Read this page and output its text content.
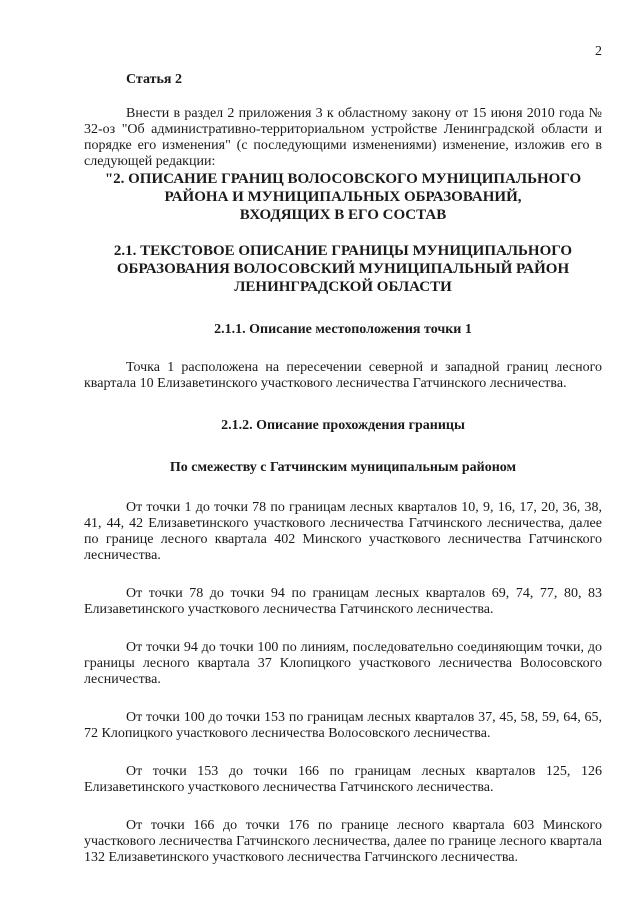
2
Статья 2

Внести в раздел 2 приложения 3 к областному закону от 15 июня 2010 года № 32-оз "Об административно-территориальном устройстве Ленинградской области и порядке его изменения" (с последующими изменениями) изменение, изложив его в следующей редакции:

"2. ОПИСАНИЕ ГРАНИЦ ВОЛОСОВСКОГО МУНИЦИПАЛЬНОГО
РАЙОНА И МУНИЦИПАЛЬНЫХ ОБРАЗОВАНИЙ,
ВХОДЯЩИХ В ЕГО СОСТАВ
2.1. ТЕКСТОВОЕ ОПИСАНИЕ ГРАНИЦЫ МУНИЦИПАЛЬНОГО
ОБРАЗОВАНИЯ ВОЛОСОВСКИЙ МУНИЦИПАЛЬНЫЙ РАЙОН
ЛЕНИНГРАДСКОЙ ОБЛАСТИ
2.1.1. Описание местоположения точки 1

Точка 1 расположена на пересечении северной и западной границ лесного квартала 10 Елизаветинского участкового лесничества Гатчинского лесничества.

2.1.2. Описание прохождения границы
По смежеству с Гатчинским муниципальным районом

От точки 1 до точки 78 по границам лесных кварталов 10, 9, 16, 17, 20, 36, 38, 41, 44, 42 Елизаветинского участкового лесничества Гатчинского лесничества, далее по границе лесного квартала 402 Минского участкового лесничества Гатчинского лесничества.

От точки 78 до точки 94 по границам лесных кварталов 69, 74, 77, 80, 83 Елизаветинского участкового лесничества Гатчинского лесничества.

От точки 94 до точки 100 по линиям, последовательно соединяющим точки, до границы лесного квартала 37 Клопицкого участкового лесничества Волосовского лесничества.

От точки 100 до точки 153 по границам лесных кварталов 37, 45, 58, 59, 64, 65, 72 Клопицкого участкового лесничества Волосовского лесничества.

От точки 153 до точки 166 по границам лесных кварталов 125, 126 Елизаветинского участкового лесничества Гатчинского лесничества.

От точки 166 до точки 176 по границе лесного квартала 603 Минского участкового лесничества Гатчинского лесничества, далее по границе лесного квартала 132 Елизаветинского участкового лесничества Гатчинского лесничества.
